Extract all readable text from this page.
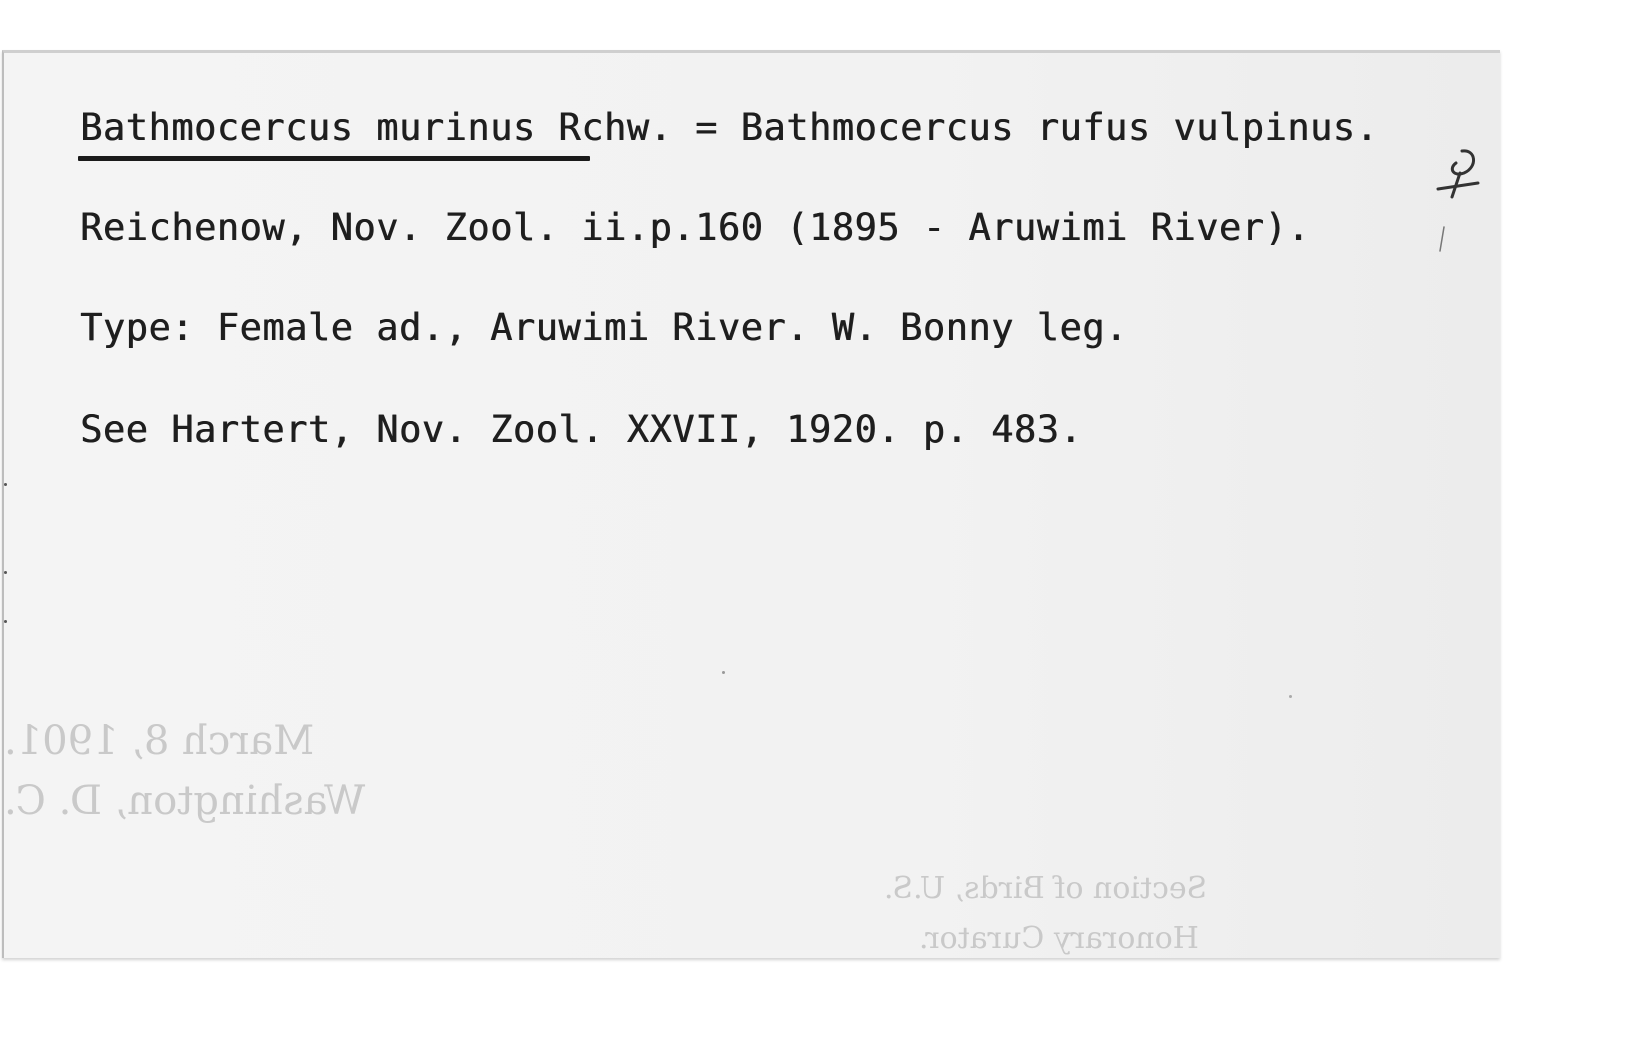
Bathmocercus murinus Rchw. = Bathmocercus rufus vulpinus.
Reichenow, Nov. Zool. ii.p.160 (1895 - Aruwimi River).
Type: Female ad., Aruwimi River. W. Bonny leg.
See Hartert, Nov. Zool. XXVII, 1920. p. 483.
March 8, 1901.
Washington, D. C.
Section of Birds, U.S.
Honorary Curator.
